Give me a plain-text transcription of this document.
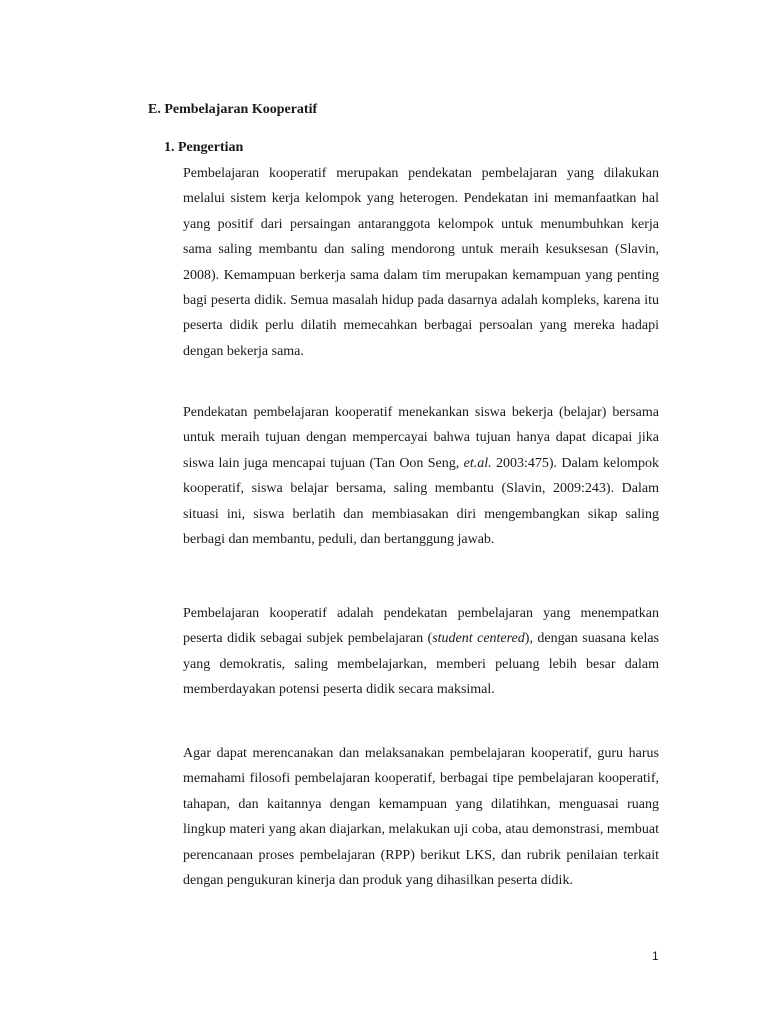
E. Pembelajaran Kooperatif
1. Pengertian

Pembelajaran kooperatif merupakan pendekatan pembelajaran yang dilakukan melalui sistem kerja kelompok yang heterogen. Pendekatan ini memanfaatkan hal yang positif dari persaingan antaranggota kelompok untuk menumbuhkan kerja sama saling membantu dan saling mendorong untuk meraih kesuksesan (Slavin, 2008). Kemampuan berkerja sama dalam tim merupakan kemampuan yang penting bagi peserta didik. Semua masalah hidup pada dasarnya adalah kompleks, karena itu peserta didik perlu dilatih memecahkan berbagai persoalan yang mereka hadapi dengan bekerja sama.

Pendekatan pembelajaran kooperatif menekankan siswa bekerja (belajar) bersama untuk meraih tujuan dengan mempercayai bahwa tujuan hanya dapat dicapai jika siswa lain juga mencapai tujuan (Tan Oon Seng, et.al. 2003:475). Dalam kelompok kooperatif, siswa belajar bersama, saling membantu (Slavin, 2009:243). Dalam situasi ini, siswa berlatih dan membiasakan diri mengembangkan sikap saling berbagi dan membantu, peduli, dan bertanggung jawab.

Pembelajaran kooperatif adalah pendekatan pembelajaran yang menempatkan peserta didik sebagai subjek pembelajaran (student centered), dengan suasana kelas yang demokratis, saling membelajarkan, memberi peluang lebih besar dalam memberdayakan potensi peserta didik secara maksimal.

Agar dapat merencanakan dan melaksanakan pembelajaran kooperatif, guru harus memahami filosofi pembelajaran kooperatif, berbagai tipe pembelajaran kooperatif, tahapan, dan kaitannya dengan kemampuan yang dilatihkan, menguasai ruang lingkup materi yang akan diajarkan, melakukan uji coba, atau demonstrasi, membuat perencanaan proses pembelajaran (RPP) berikut LKS, dan rubrik penilaian terkait dengan pengukuran kinerja dan produk yang dihasilkan peserta didik.

1
